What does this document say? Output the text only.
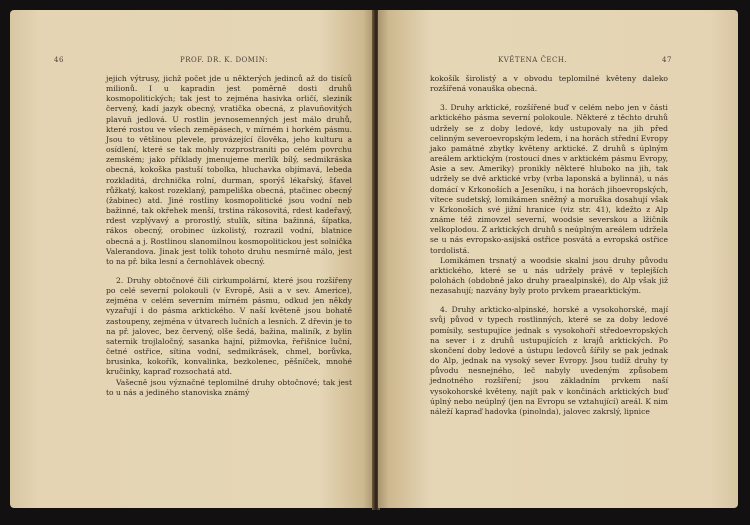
46	PROF. DR. K. DOMIN:

jejich výtrusy, jichž počet jde u některých jedinců až do tisíců milionů. I u kapradin jest poměrně dosti druhů kosmopolitických; tak jest to zejména hasivka orličí, sleziník červený, kadí jazyk obecný, vratička obecná, z plavuňovitých plavuň jedlová. U rostlin jevnosemenných jest málo druhů, které rostou ve všech zeměpásech, v mírném i horkém pásmu. Jsou to většinou plevele, provázející člověka, jeho kulturu a osídlení, které se tak mohly rozprostraniti po celém povrchu zemském; jako příklady jmenujeme merlík bílý, sedmikráska obecná, kokoška pastuší tobolka, hluchavka objímavá, lebeda rozkladitá, drchnička rolní, durman, sporýš lékařský, šťavel růžkatý, kakost rozeklaný, pampeliška obecná, ptačinec obecný (žabinec) atd. Jiné rostliny kosmopolitické jsou vodní neb bažinné, tak okřehek menší, trstina rákosovitá, rdest kadeřavý, rdest vzplývavý a prorostlý, stulík, sítina bažinná, šípatka, rákos obecný, orobinec úzkolistý, rozrazil vodní, blatnice obecná a j. Rostlinou slanomilnou kosmopolitickou jest solnička Valerandova. Jinak jest tolik tohoto druhu nesmírně málo, jest to na př. bika lesní a černohlávek obecný.

2. Druhy obtočnové čili cirkumpolární, které jsou rozšířeny po celé severní polokouli (v Evropě, Asii a v sev. Americe), zejména v celém severním mírném pásmu, odkud jen někdy vyzařují i do pásma arktického. V naší květeně jsou bohatě zastoupeny, zejména v útvarech lučních a lesních. Z dřevin je to na př. jalovec, bez červený, olše šedá, bažina, maliník, z bylin saternik trojlaločný, sasanka hajní, pižmovka, řeřišnice luční, četné ostřice, sítina vodní, sedmikrásek, chmel, borůvka, brusinka, kokořík, konvalinka, bezkolenec, pěšníček, mnohé kručinky, kapraď rozsochatá atd.

Vašecně jsou význačné teplomilné druhy obtočnové; tak jest to u nás a jediného stanoviska známý

KVĚTENA ČECH.	47

kokošík širolistý a v obvodu teplomilné květeny daleko rozšířená vonauška obecná.

3. Druhy arktické, rozšířené buď v celém nebo jen v části arktického pásma severní polokoule. Některé z těchto druhů udržely se z doby ledové, kdy ustupovaly na jih před celinným severoevropským ledem, i na horách střední Evropy jako památné zbytky květeny arktické. Z druhů s úplným areálem arktickým (rostoucí dnes v arktickém pásmu Evropy, Asie a sev. Ameriky) pronikly některé hluboko na jih, tak udržely se dvě arktické vrby (vrba laponská a bylinná), u nás domácí v Krkonoších a Jeseníku, i na horách jihoevropských, vítece sudetský, lomikámen sněžný a moruška dosahují však v Krkonoších své jižní hranice (viz str. 41), kdežto z Alp známe též zimovzel severní, woodsie severskou a lžičník velkoplodou. Z arktických druhů s neúplným areálem udržela se u nás evropsko-asijská ostřice posvátá a evropská ostřice tordolistá.

Lomikámen trsnatý a woodsie skalní jsou druhy původu arktického, které se u nás udržely právě v teplejších polohách (obdobně jako druhy praealpinské), do Alp však již nezasahují; nazvány byly proto prvkem praearktickým.

4. Druhy arkticko-alpinské, horské a vysokohorské, mají svůj původ v typech rostlinných, které se za doby ledové pomísily, sestupujíce jednak s vysokohoří středoevropských na sever i z druhů ustupujících z krajů arktických. Po skončení doby ledové a ústupu ledovců šířily se pak jednak do Alp, jednak na vysoký sever Evropy. Jsou tudíž druhy ty původu nesnejného, leč nabyly uvedeným způsobem jednotného rozšíření; jsou základním prvkem naší vysokohorské květeny, najít pak v končinách arktických buď úplný nebo neúplný (jen na Evropu se vztahující) areál. K nim náleží kapraď hadovka (pinolnda), jalovec zakrslý, lipnice
